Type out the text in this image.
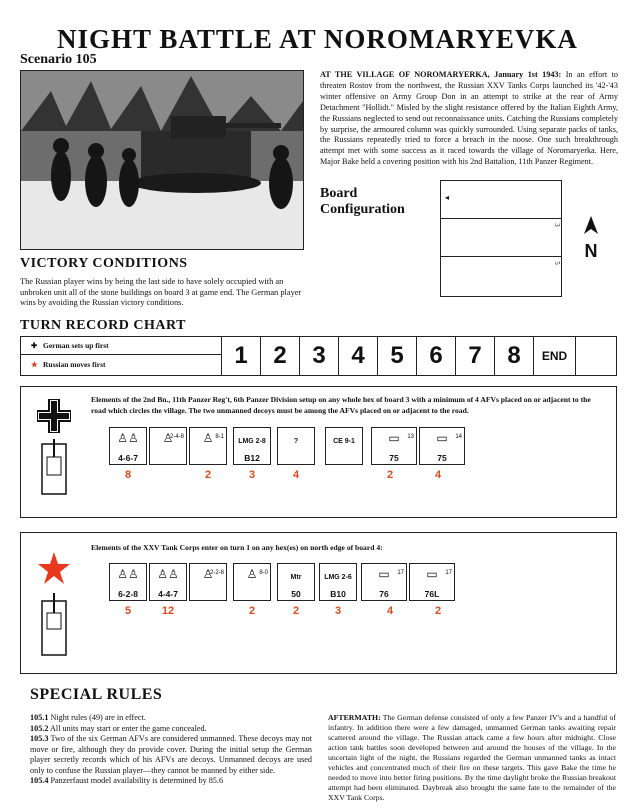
NIGHT BATTLE AT NOROMARYEVKA
Scenario 105
AT THE VILLAGE OF NOROMARYERKA, January 1st 1943: In an effort to threaten Rostov from the northwest, the Russian XXV Tanks Corps launched its '42-'43 winter offensive on Army Group Don in an attempt to strike at the rear of Army Detachment "Hollidt." Misled by the slight resistance offered by the Italian Eighth Army, the Russians neglected to send out reconnaissance units. Catching the Russians completely by surprise, the armoured column was quickly surrounded. Using separate packs of tanks, the Russians repeatedly tried to force a breach in the noose. One such breakthrough attempt met with some success as it raced towards the village of Noromaryerka. Here, Major Bake held a covering position with his 2nd Battalion, 11th Panzer Regiment.
Board Configuration
◂
3
5
N
VICTORY CONDITIONS
The Russian player wins by being the last side to have solely occupied with an unbroken unit all of the stone buildings on board 3 at game end. The German player wins by avoiding the Russian victory conditions.
TURN RECORD CHART
✚ German sets up first
★ Russian moves first	1	2	3	4	5	6	7	8	END
Elements of the 2nd Bn., 11th Panzer Reg't, 6th Panzer Division setup on any whole hex of board 3 with a minimum of 4 AFVs placed on or adjacent to the road which circles the village. The two unmanned decoys must be among the AFVs placed on or adjacent to the road.
♙♙
4-6-7
♙
2-4-8	♙ 8-1
LMG 2-8
B12
?	CE 9-1	▭	13
75
▭	14
75
8	2	3	4	2	4
Elements of the XXV Tank Corps enter on turn 1 on any hex(es) on north edge of board 4:
♙♙
6-2-8
♙♙
4-4-7
♙
2-2-8	♙ 8-0
Mtr
50
LMG 2-6
B10
▭	17
76
▭	17
76L
5	12	2	2	3	4	2
SPECIAL RULES
105.1 Night rules (49) are in effect.
105.2 All units may start or enter the game concealed.
105.3 Two of the six German AFVs are considered unmanned. These decoys may not move or fire, although they do provide cover. During the initial setup the German player secretly records which of his AFVs are decoys. Unmanned decoys are used only to confuse the Russian player—they cannot be manned by either side.
105.4 Panzerfaust model availability is determined by 85.6
AFTERMATH: The German defense consisted of only a few Panzer IV's and a handful of infantry. In addition there were a few damaged, unmanned German tanks awaiting repair scattered around the village. The Russian attack came a few hours after midnight. Close action tank battles soon developed between and around the houses of the village. In the uncertain light of the night, the Russians regarded the German unmanned tanks as intact vehicles and concentrated much of their fire on these targets. This gave Bake the time he needed to move into better firing positions. By the time daylight broke the Russian breakout attempt had been eliminated. Daybreak also brought the same fate to the remainder of the XXV Tank Corps.
